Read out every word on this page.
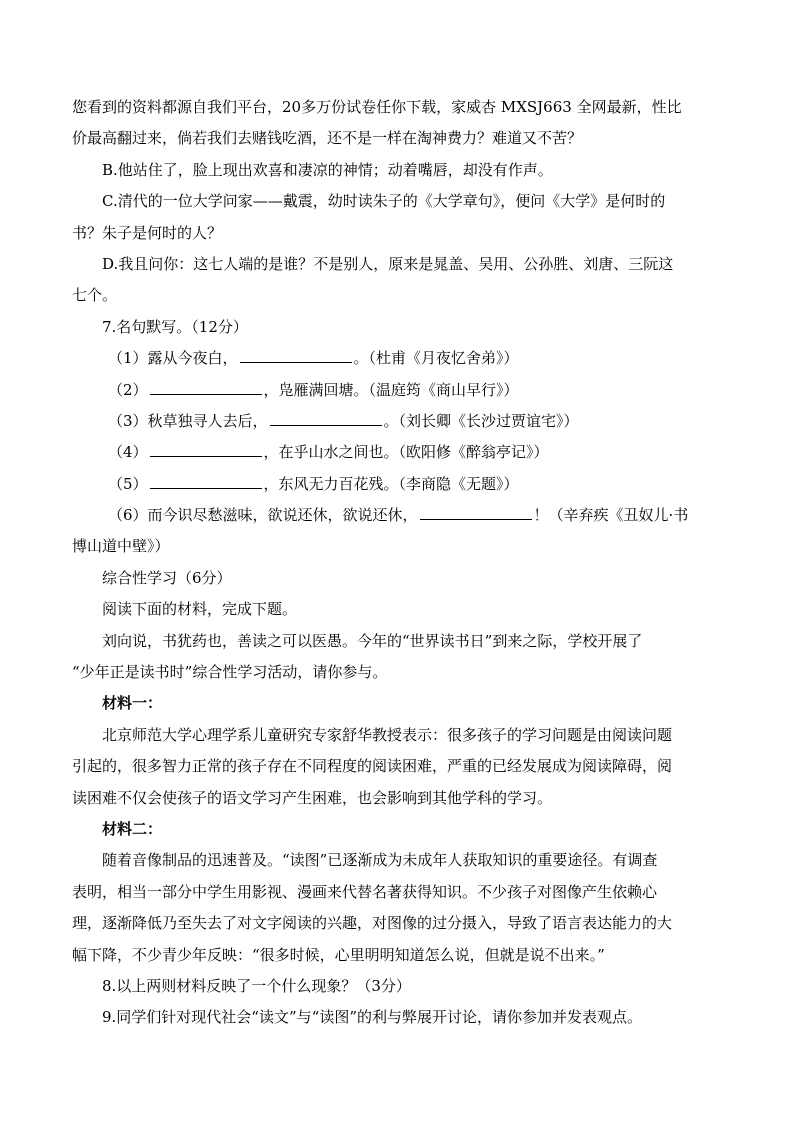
您看到的资料都源自我们平台，20多万份试卷任你下载，家威杏 MXSJ663 全网最新，性比
价最高翻过来，倘若我们去赌钱吃酒，还不是一样在淘神费力？难道又不苦？
B.他站住了，脸上现出欢喜和凄凉的神情；动着嘴唇，却没有作声。
C.清代的一位大学问家——戴震，幼时读朱子的《大学章句》，便问《大学》是何时的
书？朱子是何时的人？
D.我且问你：这七人端的是谁？不是别人，原来是晁盖、吴用、公孙胜、刘唐、三阮这
七个。
7.名句默写。（12分）
（1）露从今夜白，	。（杜甫《月夜忆舍弟》）
（2）	，凫雁满回塘。（温庭筠《商山早行》）
（3）秋草独寻人去后，	。（刘长卿《长沙过贾谊宅》）
（4）	，在乎山水之间也。（欧阳修《醉翁亭记》）
（5）	，东风无力百花残。（李商隐《无题》）
（6）而今识尽愁滋味，欲说还休，欲说还休，	！（辛弃疾《丑奴儿·书
博山道中壁》）
综合性学习（6分）
阅读下面的材料，完成下题。
刘向说，书犹药也，善读之可以医愚。今年的“世界读书日”到来之际，学校开展了
“少年正是读书时”综合性学习活动，请你参与。
材料一：
北京师范大学心理学系儿童研究专家舒华教授表示：很多孩子的学习问题是由阅读问题
引起的，很多智力正常的孩子存在不同程度的阅读困难，严重的已经发展成为阅读障碍，阅
读困难不仅会使孩子的语文学习产生困难，也会影响到其他学科的学习。
材料二：
随着音像制品的迅速普及。“读图”已逐渐成为未成年人获取知识的重要途径。有调查
表明，相当一部分中学生用影视、漫画来代替名著获得知识。不少孩子对图像产生依赖心
理，逐渐降低乃至失去了对文字阅读的兴趣，对图像的过分摄入，导致了语言表达能力的大
幅下降，不少青少年反映：“很多时候，心里明明知道怎么说，但就是说不出来。”
8.以上两则材料反映了一个什么现象？（3分）
9.同学们针对现代社会“读文”与“读图”的利与弊展开讨论，请你参加并发表观点。
